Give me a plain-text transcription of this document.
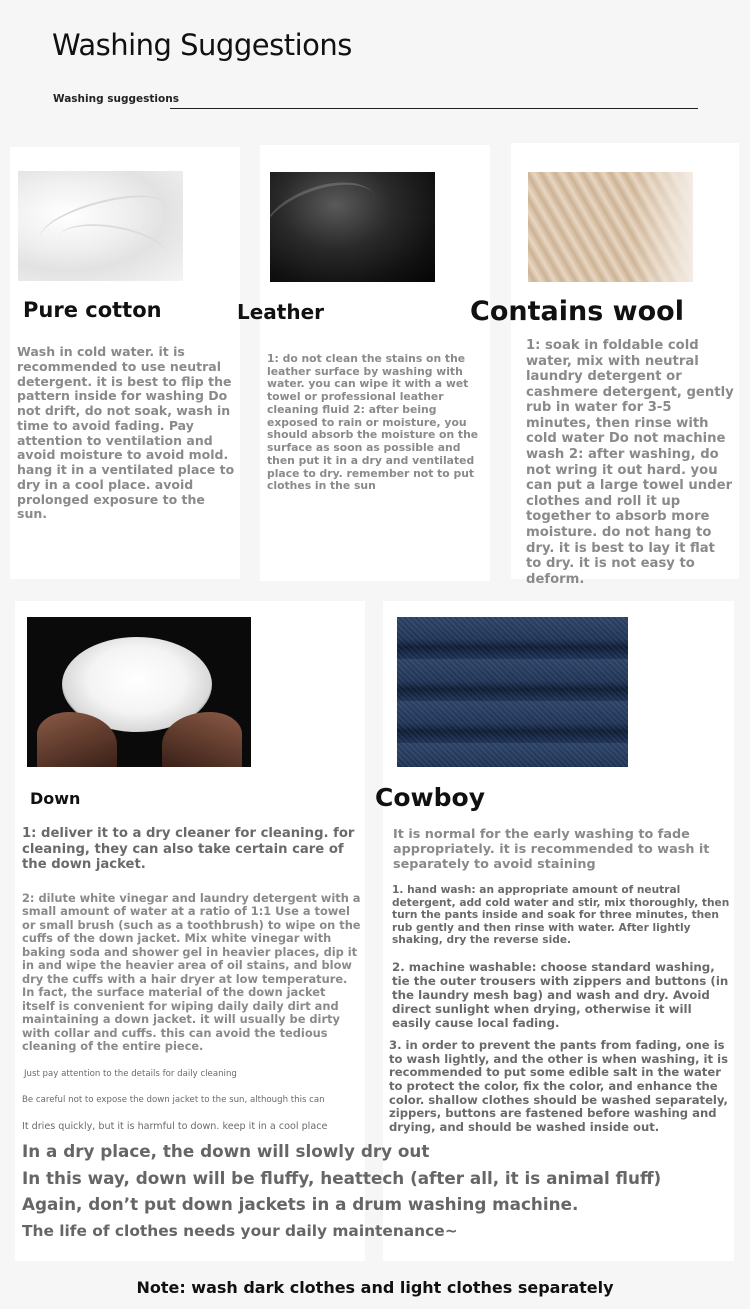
Washing Suggestions
Washing suggestions
Pure cotton
Wash in cold water. it is recommended to use neutral detergent. it is best to flip the pattern inside for washing Do not drift, do not soak, wash in time to avoid fading. Pay attention to ventilation and avoid moisture to avoid mold. hang it in a ventilated place to dry in a cool place. avoid prolonged exposure to the sun.
Leather
1: do not clean the stains on the leather surface by washing with water. you can wipe it with a wet towel or professional leather cleaning fluid 2: after being exposed to rain or moisture, you should absorb the moisture on the surface as soon as possible and then put it in a dry and ventilated place to dry. remember not to put clothes in the sun
Contains wool
1: soak in foldable cold water, mix with neutral laundry detergent or cashmere detergent, gently rub in water for 3-5 minutes, then rinse with cold water Do not machine wash 2: after washing, do not wring it out hard. you can put a large towel under clothes and roll it up together to absorb more moisture. do not hang to dry. it is best to lay it flat to dry. it is not easy to deform.
Down
1: deliver it to a dry cleaner for cleaning. for cleaning, they can also take certain care of the down jacket.
2: dilute white vinegar and laundry detergent with a small amount of water at a ratio of 1:1 Use a towel or small brush (such as a toothbrush) to wipe on the cuffs of the down jacket. Mix white vinegar with baking soda and shower gel in heavier places, dip it in and wipe the heavier area of oil stains, and blow dry the cuffs with a hair dryer at low temperature. In fact, the surface material of the down jacket itself is convenient for wiping daily daily dirt and maintaining a down jacket. it will usually be dirty with collar and cuffs. this can avoid the tedious cleaning of the entire piece.
Just pay attention to the details for daily cleaning
Be careful not to expose the down jacket to the sun, although this can
It dries quickly, but it is harmful to down. keep it in a cool place
Cowboy
It is normal for the early washing to fade appropriately. it is recommended to wash it separately to avoid staining
1. hand wash: an appropriate amount of neutral detergent, add cold water and stir, mix thoroughly, then turn the pants inside and soak for three minutes, then rub gently and then rinse with water. After lightly shaking, dry the reverse side.
2. machine washable: choose standard washing, tie the outer trousers with zippers and buttons (in the laundry mesh bag) and wash and dry. Avoid direct sunlight when drying, otherwise it will easily cause local fading.
3. in order to prevent the pants from fading, one is to wash lightly, and the other is when washing, it is recommended to put some edible salt in the water to protect the color, fix the color, and enhance the color. shallow clothes should be washed separately, zippers, buttons are fastened before washing and drying, and should be washed inside out.
In a dry place, the down will slowly dry out
In this way, down will be fluffy, heattech (after all, it is animal fluff)
Again, don’t put down jackets in a drum washing machine.
The life of clothes needs your daily maintenance~
Note: wash dark clothes and light clothes separately
